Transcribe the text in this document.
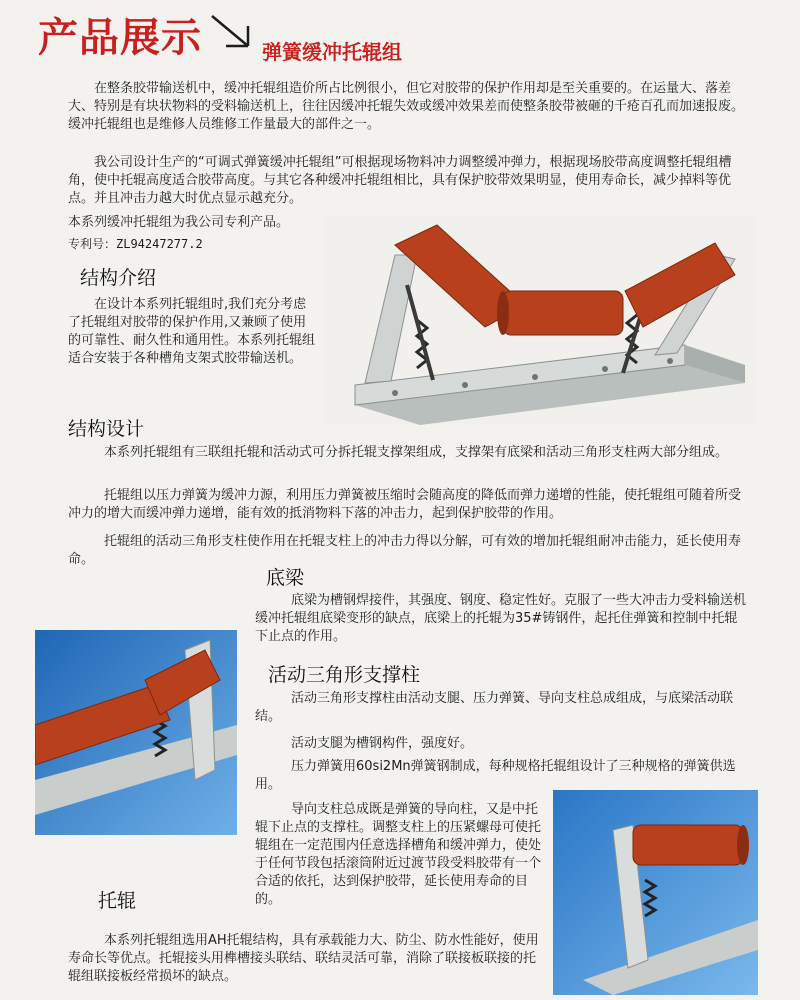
产品展示	弹簧缓冲托辊组

在整条胶带输送机中，缓冲托辊组造价所占比例很小，但它对胶带的保护作用却是至关重要的。在运量大、落差大、特别是有块状物料的受料输送机上，往往因缓冲托辊失效或缓冲效果差而使整条胶带被砸的千疮百孔而加速报废。缓冲托辊组也是维修人员维修工作量最大的部件之一。

我公司设计生产的“可调式弹簧缓冲托辊组”可根据现场物料冲力调整缓冲弹力，根据现场胶带高度调整托辊组槽角，使中托辊高度适合胶带高度。与其它各种缓冲托辊组相比，具有保护胶带效果明显，使用寿命长，减少掉料等优点。并且冲击力越大时优点显示越充分。

本系列缓冲托辊组为我公司专利产品。

专利号：ZL94247277.2

结构介绍

在设计本系列托辊组时,我们充分考虑了托辊组对胶带的保护作用,又兼顾了使用的可靠性、耐久性和通用性。本系列托辊组适合安装于各种槽角支架式胶带输送机。

结构设计

本系列托辊组有三联组托辊和活动式可分拆托辊支撑架组成，支撑架有底梁和活动三角形支柱两大部分组成。

托辊组以压力弹簧为缓冲力源，利用压力弹簧被压缩时会随高度的降低而弹力递增的性能，使托辊组可随着所受冲力的增大而缓冲弹力递增，能有效的抵消物料下落的冲击力，起到保护胶带的作用。

托辊组的活动三角形支柱使作用在托辊支柱上的冲击力得以分解，可有效的增加托辊组耐冲击能力，延长使用寿命。

底梁

底梁为槽钢焊接件，其强度、钢度、稳定性好。克服了一些大冲击力受料输送机缓冲托辊组底梁变形的缺点，底梁上的托辊为35#铸钢件，起托住弹簧和控制中托辊下止点的作用。

活动三角形支撑柱

活动三角形支撑柱由活动支腿、压力弹簧、导向支柱总成组成，与底梁活动联结。

活动支腿为槽钢构件，强度好。

压力弹簧用60si2Mn弹簧钢制成，每种规格托辊组设计了三种规格的弹簧供选用。

导向支柱总成既是弹簧的导向柱，又是中托辊下止点的支撑柱。调整支柱上的压紧螺母可使托辊组在一定范围内任意选择槽角和缓冲弹力，使处于任何节段包括滚筒附近过渡节段受料胶带有一个合适的依托，达到保护胶带，延长使用寿命的目的。

托辊

本系列托辊组选用AH托辊结构，具有承载能力大、防尘、防水性能好，使用寿命长等优点。托辊接头用榫槽接头联结、联结灵活可靠，消除了联接板联接的托辊组联接板经常损坏的缺点。
